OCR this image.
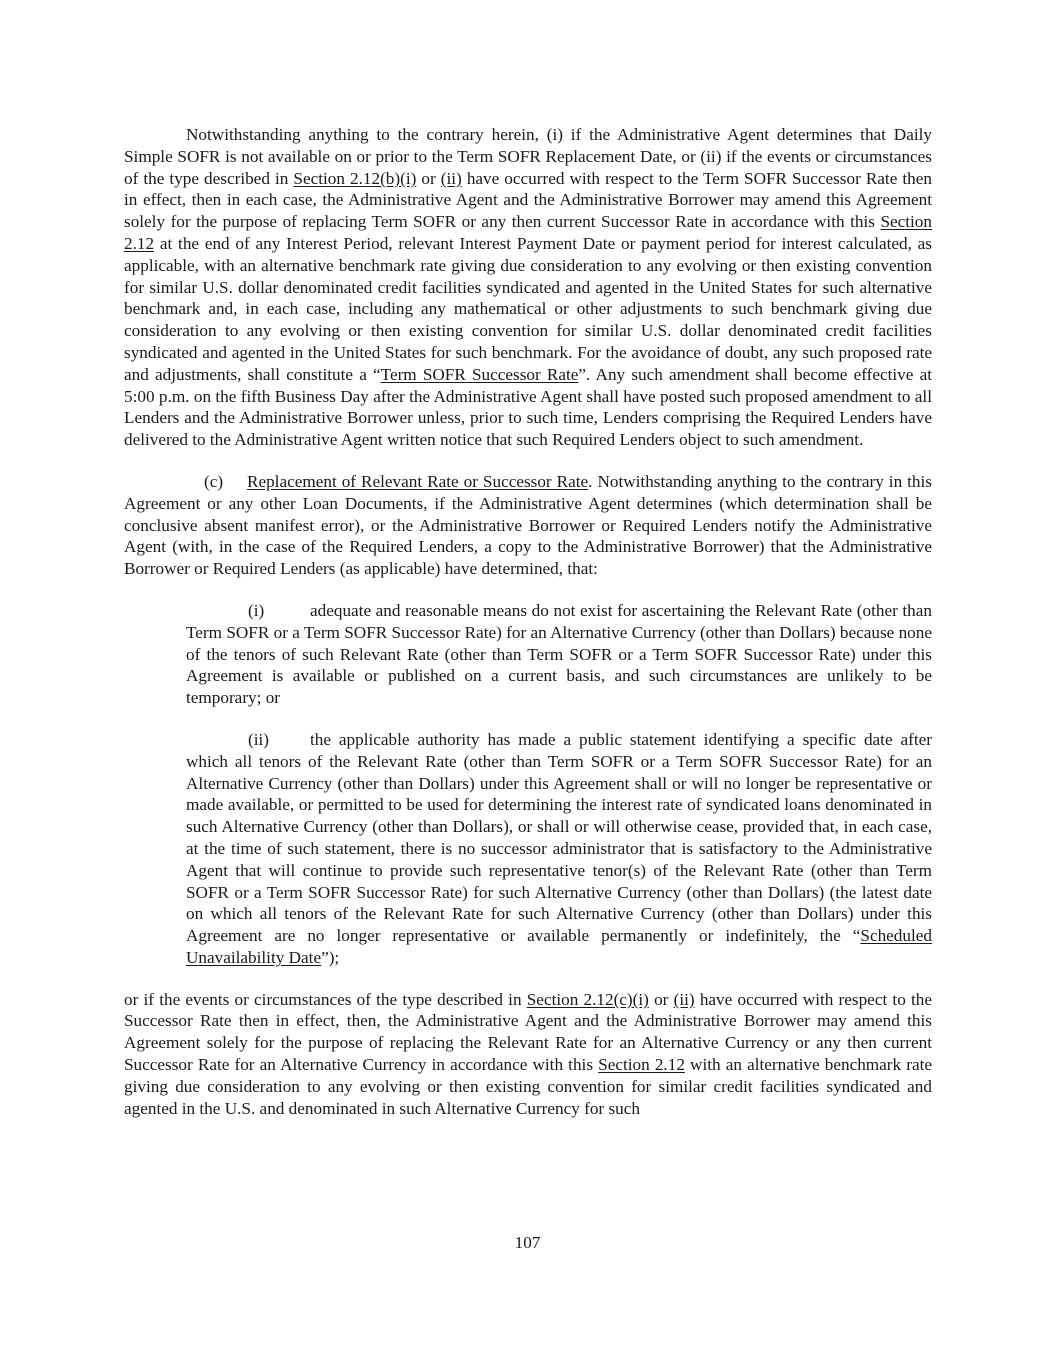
Notwithstanding anything to the contrary herein, (i) if the Administrative Agent determines that Daily Simple SOFR is not available on or prior to the Term SOFR Replacement Date, or (ii) if the events or circumstances of the type described in Section 2.12(b)(i) or (ii) have occurred with respect to the Term SOFR Successor Rate then in effect, then in each case, the Administrative Agent and the Administrative Borrower may amend this Agreement solely for the purpose of replacing Term SOFR or any then current Successor Rate in accordance with this Section 2.12 at the end of any Interest Period, relevant Interest Payment Date or payment period for interest calculated, as applicable, with an alternative benchmark rate giving due consideration to any evolving or then existing convention for similar U.S. dollar denominated credit facilities syndicated and agented in the United States for such alternative benchmark and, in each case, including any mathematical or other adjustments to such benchmark giving due consideration to any evolving or then existing convention for similar U.S. dollar denominated credit facilities syndicated and agented in the United States for such benchmark. For the avoidance of doubt, any such proposed rate and adjustments, shall constitute a “Term SOFR Successor Rate”. Any such amendment shall become effective at 5:00 p.m. on the fifth Business Day after the Administrative Agent shall have posted such proposed amendment to all Lenders and the Administrative Borrower unless, prior to such time, Lenders comprising the Required Lenders have delivered to the Administrative Agent written notice that such Required Lenders object to such amendment.

(c) Replacement of Relevant Rate or Successor Rate. Notwithstanding anything to the contrary in this Agreement or any other Loan Documents, if the Administrative Agent determines (which determination shall be conclusive absent manifest error), or the Administrative Borrower or Required Lenders notify the Administrative Agent (with, in the case of the Required Lenders, a copy to the Administrative Borrower) that the Administrative Borrower or Required Lenders (as applicable) have determined, that:

(i)	adequate and reasonable means do not exist for ascertaining the Relevant Rate (other than Term SOFR or a Term SOFR Successor Rate) for an Alternative Currency (other than Dollars) because none of the tenors of such Relevant Rate (other than Term SOFR or a Term SOFR Successor Rate) under this Agreement is available or published on a current basis, and such circumstances are unlikely to be temporary; or

(ii) the applicable authority has made a public statement identifying a specific date after which all tenors of the Relevant Rate (other than Term SOFR or a Term SOFR Successor Rate) for an Alternative Currency (other than Dollars) under this Agreement shall or will no longer be representative or made available, or permitted to be used for determining the interest rate of syndicated loans denominated in such Alternative Currency (other than Dollars), or shall or will otherwise cease, provided that, in each case, at the time of such statement, there is no successor administrator that is satisfactory to the Administrative Agent that will continue to provide such representative tenor(s) of the Relevant Rate (other than Term SOFR or a Term SOFR Successor Rate) for such Alternative Currency (other than Dollars) (the latest date on which all tenors of the Relevant Rate for such Alternative Currency (other than Dollars) under this Agreement are no longer representative or available permanently or indefinitely, the “Scheduled Unavailability Date”);

or if the events or circumstances of the type described in Section 2.12(c)(i) or (ii) have occurred with respect to the Successor Rate then in effect, then, the Administrative Agent and the Administrative Borrower may amend this Agreement solely for the purpose of replacing the Relevant Rate for an Alternative Currency or any then current Successor Rate for an Alternative Currency in accordance with this Section 2.12 with an alternative benchmark rate giving due consideration to any evolving or then existing convention for similar credit facilities syndicated and agented in the U.S. and denominated in such Alternative Currency for such

107
